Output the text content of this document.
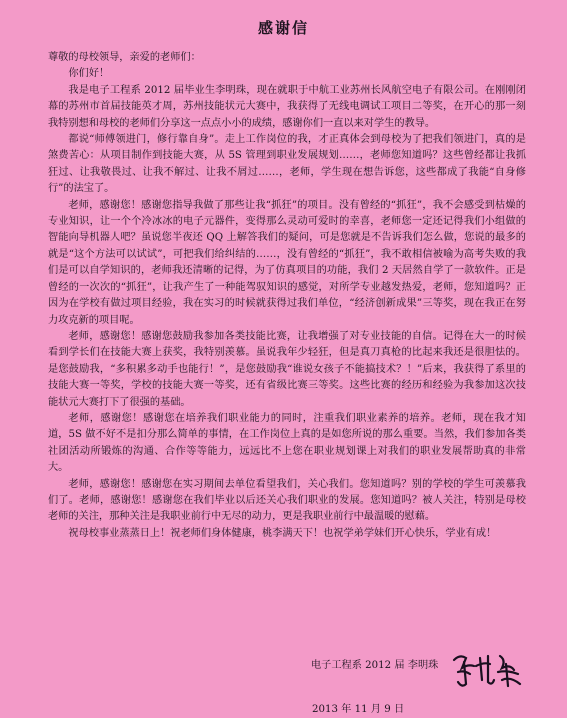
感谢信

尊敬的母校领导，亲爱的老师们：

你们好！

我是电子工程系 2012 届毕业生李明珠，现在就职于中航工业苏州长风航空电子有限公司。在刚刚闭幕的苏州市首届技能英才周，苏州技能状元大赛中，我获得了无线电调试工项目二等奖，在开心的那一刻我特别想和母校的老师们分享这一点点小小的成绩，感谢你们一直以来对学生的教导。

都说“师傅领进门，修行靠自身”。走上工作岗位的我，才正真体会到母校为了把我们领进门，真的是煞费苦心：从项目制作到技能大赛，从 5S 管理到职业发展规划……，老师您知道吗？这些曾经都让我抓狂过、让我敬畏过、让我不解过、让我不屑过……，老师，学生现在想告诉您，这些都成了我能“自身修行”的法宝了。

老师，感谢您！感谢您指导我做了那些让我“抓狂”的项目。没有曾经的“抓狂”，我不会感受到枯燥的专业知识，让一个个冷冰冰的电子元器件，变得那么灵动可爱时的幸喜，老师您一定还记得我们小组做的智能向导机器人吧？虽说您半夜还 QQ 上解答我们的疑问，可是您就是不告诉我们怎么做，您说的最多的就是“这个方法可以试试”，可把我们给纠结的……，没有曾经的“抓狂”，我不敢相信被喻为高考失败的我们是可以自学知识的，老师我还清晰的记得，为了仿真项目的功能，我们 2 天居然自学了一款软件。正是曾经的一次次的“抓狂”，让我产生了一种能驾驭知识的感觉，对所学专业越发热爱，老师，您知道吗？正因为在学校有做过项目经验，我在实习的时候就获得过我们单位，“经济创新成果”三等奖，现在我正在努力攻克新的项目呢。

老师，感谢您！感谢您鼓励我参加各类技能比赛，让我增强了对专业技能的自信。记得在大一的时候看到学长们在技能大赛上获奖，我特别羡慕。虽说我年少轻狂，但是真刀真枪的比起来我还是很胆怯的。是您鼓励我，“多积累多动手也能行！”，是您鼓励我“谁说女孩子不能搞技术？！”后来，我获得了系里的技能大赛一等奖，学校的技能大赛一等奖，还有省级比赛三等奖。这些比赛的经历和经验为我参加这次技能状元大赛打下了很强的基础。

老师，感谢您！感谢您在培养我们职业能力的同时，注重我们职业素养的培养。老师，现在我才知道，5S 做不好不是扣分那么简单的事情，在工作岗位上真的是如您所说的那么重要。当然，我们参加各类社团活动所锻炼的沟通、合作等等能力，远远比不上您在职业规划课上对我们的职业发展帮助真的非常大。

老师，感谢您！感谢您在实习期间去单位看望我们，关心我们。您知道吗？别的学校的学生可羡慕我们了。老师，感谢您！感谢您在我们毕业以后还关心我们职业的发展。您知道吗？被人关注，特别是母校老师的关注，那种关注是我职业前行中无尽的动力，更是我职业前行中最温暖的慰藉。

祝母校事业蒸蒸日上！祝老师们身体健康，桃李满天下！也祝学弟学妹们开心快乐，学业有成！

电子工程系 2012 届 李明珠
2013 年 11 月 9 日
